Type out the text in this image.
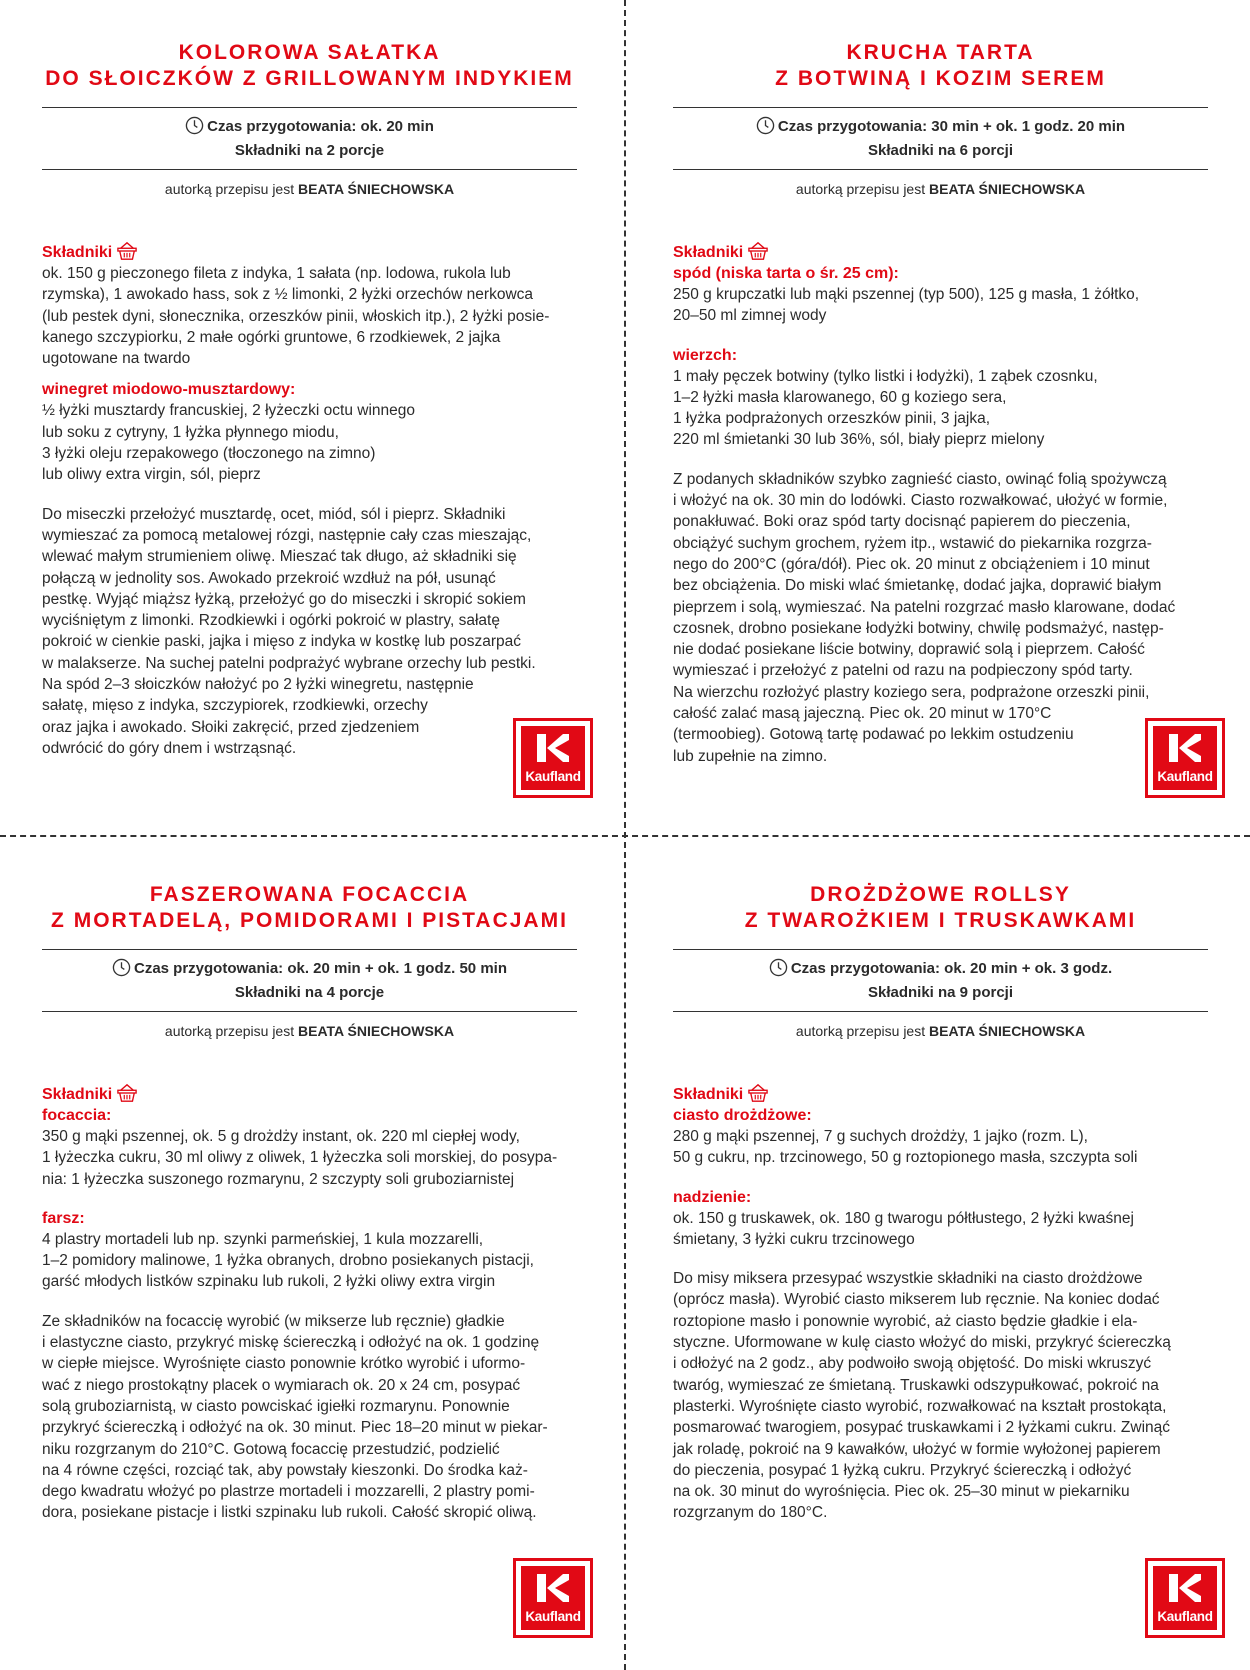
KOLOROWA SAŁATKA
DO SŁOICZKÓW Z GRILLOWANYM INDYKIEM
Czas przygotowania: ok. 20 min
Składniki na 2 porcje
autorką przepisu jest BEATA ŚNIECHOWSKA
Składniki

ok. 150 g pieczonego fileta z indyka, 1 sałata (np. lodowa, rukola lub

rzymska), 1 awokado hass, sok z ½ limonki, 2 łyżki orzechów nerkowca

(lub pestek dyni, słonecznika, orzeszków pinii, włoskich itp.), 2 łyżki posie-

kanego szczypiorku, 2 małe ogórki gruntowe, 6 rzodkiewek, 2 jajka

ugotowane na twardo

winegret miodowo-musztardowy:

½ łyżki musztardy francuskiej, 2 łyżeczki octu winnego

lub soku z cytryny, 1 łyżka płynnego miodu,

3 łyżki oleju rzepakowego (tłoczonego na zimno)

lub oliwy extra virgin, sól, pieprz

Do miseczki przełożyć musztardę, ocet, miód, sól i pieprz. Składniki

wymieszać za pomocą metalowej rózgi, następnie cały czas mieszając,

wlewać małym strumieniem oliwę. Mieszać tak długo, aż składniki się

połączą w jednolity sos. Awokado przekroić wzdłuż na pół, usunąć

pestkę. Wyjąć miąższ łyżką, przełożyć go do miseczki i skropić sokiem

wyciśniętym z limonki. Rzodkiewki i ogórki pokroić w plastry, sałatę

pokroić w cienkie paski, jajka i mięso z indyka w kostkę lub poszarpać

w malakserze. Na suchej patelni podprażyć wybrane orzechy lub pestki.

Na spód 2–3 słoiczków nałożyć po 2 łyżki winegretu, następnie

sałatę, mięso z indyka, szczypiorek, rzodkiewki, orzechy

oraz jajka i awokado. Słoiki zakręcić, przed zjedzeniem

odwrócić do góry dnem i wstrząsnąć.

KRUCHA TARTA
Z BOTWINĄ I KOZIM SEREM
Czas przygotowania: 30 min + ok. 1 godz. 20 min
Składniki na 6 porcji
autorką przepisu jest BEATA ŚNIECHOWSKA
Składniki
spód (niska tarta o śr. 25 cm):

250 g krupczatki lub mąki pszennej (typ 500), 125 g masła, 1 żółtko,

20–50 ml zimnej wody

wierzch:

1 mały pęczek botwiny (tylko listki i łodyżki), 1 ząbek czosnku,

1–2 łyżki masła klarowanego, 60 g koziego sera,

1 łyżka podprażonych orzeszków pinii, 3 jajka,

220 ml śmietanki 30 lub 36%, sól, biały pieprz mielony

Z podanych składników szybko zagnieść ciasto, owinąć folią spożywczą

i włożyć na ok. 30 min do lodówki. Ciasto rozwałkować, ułożyć w formie,

ponakłuwać. Boki oraz spód tarty docisnąć papierem do pieczenia,

obciążyć suchym grochem, ryżem itp., wstawić do piekarnika rozgrza-

nego do 200°C (góra/dół). Piec ok. 20 minut z obciążeniem i 10 minut

bez obciążenia. Do miski wlać śmietankę, dodać jajka, doprawić białym

pieprzem i solą, wymieszać. Na patelni rozgrzać masło klarowane, dodać

czosnek, drobno posiekane łodyżki botwiny, chwilę podsmażyć, następ-

nie dodać posiekane liście botwiny, doprawić solą i pieprzem. Całość

wymieszać i przełożyć z patelni od razu na podpieczony spód tarty.

Na wierzchu rozłożyć plastry koziego sera, podprażone orzeszki pinii,

całość zalać masą jajeczną. Piec ok. 20 minut w 170°C

(termoobieg). Gotową tartę podawać po lekkim ostudzeniu

lub zupełnie na zimno.

FASZEROWANA FOCACCIA
Z MORTADELĄ, POMIDORAMI I PISTACJAMI
Czas przygotowania: ok. 20 min + ok. 1 godz. 50 min
Składniki na 4 porcje
autorką przepisu jest BEATA ŚNIECHOWSKA
Składniki
focaccia:

350 g mąki pszennej, ok. 5 g drożdży instant, ok. 220 ml ciepłej wody,

1 łyżeczka cukru, 30 ml oliwy z oliwek, 1 łyżeczka soli morskiej, do posypa-

nia: 1 łyżeczka suszonego rozmarynu, 2 szczypty soli gruboziarnistej

farsz:

4 plastry mortadeli lub np. szynki parmeńskiej, 1 kula mozzarelli,

1–2 pomidory malinowe, 1 łyżka obranych, drobno posiekanych pistacji,

garść młodych listków szpinaku lub rukoli, 2 łyżki oliwy extra virgin

Ze składników na focaccię wyrobić (w mikserze lub ręcznie) gładkie

i elastyczne ciasto, przykryć miskę ściereczką i odłożyć na ok. 1 godzinę

w ciepłe miejsce. Wyrośnięte ciasto ponownie krótko wyrobić i uformo-

wać z niego prostokątny placek o wymiarach ok. 20 x 24 cm, posypać

solą gruboziarnistą, w ciasto powciskać igiełki rozmarynu. Ponownie

przykryć ściereczką i odłożyć na ok. 30 minut. Piec 18–20 minut w piekar-

niku rozgrzanym do 210°C. Gotową focaccię przestudzić, podzielić

na 4 równe części, rozciąć tak, aby powstały kieszonki. Do środka każ-

dego kwadratu włożyć po plastrze mortadeli i mozzarelli, 2 plastry pomi-

dora, posiekane pistacje i listki szpinaku lub rukoli. Całość skropić oliwą.

DROŻDŻOWE ROLLSY
Z TWAROŻKIEM I TRUSKAWKAMI
Czas przygotowania: ok. 20 min + ok. 3 godz.
Składniki na 9 porcji
autorką przepisu jest BEATA ŚNIECHOWSKA
Składniki
ciasto drożdżowe:

280 g mąki pszennej, 7 g suchych drożdży, 1 jajko (rozm. L),

50 g cukru, np. trzcinowego, 50 g roztopionego masła, szczypta soli

nadzienie:

ok. 150 g truskawek, ok. 180 g twarogu półtłustego, 2 łyżki kwaśnej

śmietany, 3 łyżki cukru trzcinowego

Do misy miksera przesypać wszystkie składniki na ciasto drożdżowe

(oprócz masła). Wyrobić ciasto mikserem lub ręcznie. Na koniec dodać

roztopione masło i ponownie wyrobić, aż ciasto będzie gładkie i ela-

styczne. Uformowane w kulę ciasto włożyć do miski, przykryć ściereczką

i odłożyć na 2 godz., aby podwoiło swoją objętość. Do miski wkruszyć

twaróg, wymieszać ze śmietaną. Truskawki odszypułkować, pokroić na

plasterki. Wyrośnięte ciasto wyrobić, rozwałkować na kształt prostokąta,

posmarować twarogiem, posypać truskawkami i 2 łyżkami cukru. Zwinąć

jak roladę, pokroić na 9 kawałków, ułożyć w formie wyłożonej papierem

do pieczenia, posypać 1 łyżką cukru. Przykryć ściereczką i odłożyć

na ok. 30 minut do wyrośnięcia. Piec ok. 25–30 minut w piekarniku

rozgrzanym do 180°C.

Kaufland	Kaufland
Kaufland	Kaufland
